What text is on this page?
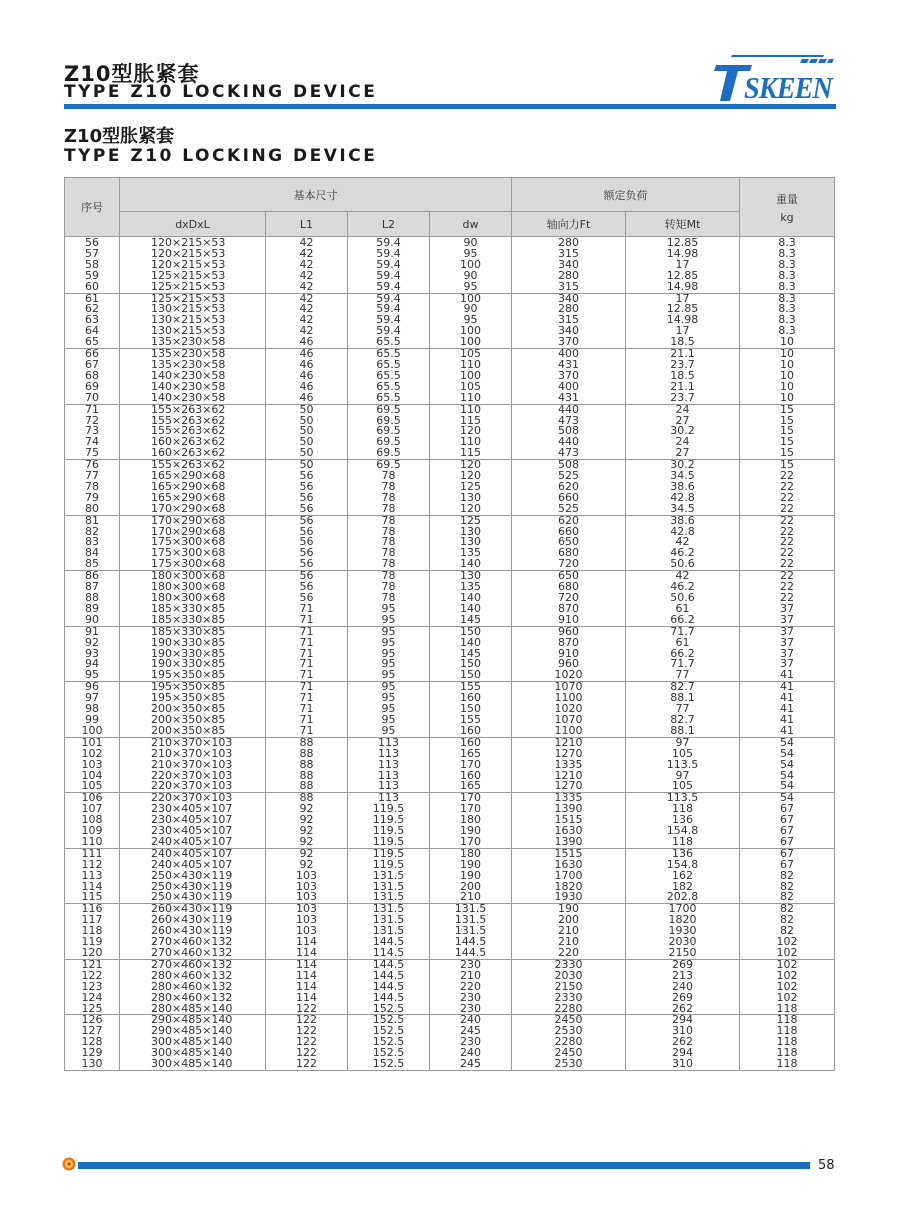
Z10型胀紧套
TYPE Z10 LOCKING DEVICE	SKEEN
Z10型胀紧套
TYPE Z10 LOCKING DEVICE
序号	基本尺寸				额定负荷		重量
kg

	dxDxL	L1	L2	dw	轴向力Ft	转矩Mt	
56	120×215×53	42	59.4	90	280	12.85	8.3
57	120×215×53	42	59.4	95	315	14.98	8.3
58	120×215×53	42	59.4	100	340	17	8.3
59	125×215×53	42	59.4	90	280	12.85	8.3
60	125×215×53	42	59.4	95	315	14.98	8.3
61	125×215×53	42	59.4	100	340	17	8.3
62	130×215×53	42	59.4	90	280	12.85	8.3
63	130×215×53	42	59.4	95	315	14.98	8.3
64	130×215×53	42	59.4	100	340	17	8.3
65	135×230×58	46	65.5	100	370	18.5	10
66	135×230×58	46	65.5	105	400	21.1	10
67	135×230×58	46	65.5	110	431	23.7	10
68	140×230×58	46	65.5	100	370	18.5	10
69	140×230×58	46	65.5	105	400	21.1	10
70	140×230×58	46	65.5	110	431	23.7	10
71	155×263×62	50	69.5	110	440	24	15
72	155×263×62	50	69.5	115	473	27	15
73	155×263×62	50	69.5	120	508	30.2	15
74	160×263×62	50	69.5	110	440	24	15
75	160×263×62	50	69.5	115	473	27	15
76	155×263×62	50	69.5	120	508	30.2	15
77	165×290×68	56	78	120	525	34.5	22
78	165×290×68	56	78	125	620	38.6	22
79	165×290×68	56	78	130	660	42.8	22
80	170×290×68	56	78	120	525	34.5	22
81	170×290×68	56	78	125	620	38.6	22
82	170×290×68	56	78	130	660	42.8	22
83	175×300×68	56	78	130	650	42	22
84	175×300×68	56	78	135	680	46.2	22
85	175×300×68	56	78	140	720	50.6	22
86	180×300×68	56	78	130	650	42	22
87	180×300×68	56	78	135	680	46.2	22
88	180×300×68	56	78	140	720	50.6	22
89	185×330×85	71	95	140	870	61	37
90	185×330×85	71	95	145	910	66.2	37
91	185×330×85	71	95	150	960	71.7	37
92	190×330×85	71	95	140	870	61	37
93	190×330×85	71	95	145	910	66.2	37
94	190×330×85	71	95	150	960	71.7	37
95	195×350×85	71	95	150	1020	77	41
96	195×350×85	71	95	155	1070	82.7	41
97	195×350×85	71	95	160	1100	88.1	41
98	200×350×85	71	95	150	1020	77	41
99	200×350×85	71	95	155	1070	82.7	41
100	200×350×85	71	95	160	1100	88.1	41
101	210×370×103	88	113	160	1210	97	54
102	210×370×103	88	113	165	1270	105	54
103	210×370×103	88	113	170	1335	113.5	54
104	220×370×103	88	113	160	1210	97	54
105	220×370×103	88	113	165	1270	105	54
106	220×370×103	88	113	170	1335	113.5	54
107	230×405×107	92	119.5	170	1390	118	67
108	230×405×107	92	119.5	180	1515	136	67
109	230×405×107	92	119.5	190	1630	154.8	67
110	240×405×107	92	119.5	170	1390	118	67
111	240×405×107	92	119.5	180	1515	136	67
112	240×405×107	92	119.5	190	1630	154.8	67
113	250×430×119	103	131.5	190	1700	162	82
114	250×430×119	103	131.5	200	1820	182	82
115	250×430×119	103	131.5	210	1930	202.8	82
116	260×430×119	103	131.5	131.5	190	1700	82
117	260×430×119	103	131.5	131.5	200	1820	82
118	260×430×119	103	131.5	131.5	210	1930	82
119	270×460×132	114	144.5	144.5	210	2030	102
120	270×460×132	114	114.5	144.5	220	2150	102
121	270×460×132	114	144.5	230	2330	269	102
122	280×460×132	114	144.5	210	2030	213	102
123	280×460×132	114	144.5	220	2150	240	102
124	280×460×132	114	144.5	230	2330	269	102
125	280×485×140	122	152.5	230	2280	262	118
126	290×485×140	122	152.5	240	2450	294	118
127	290×485×140	122	152.5	245	2530	310	118
128	300×485×140	122	152.5	230	2280	262	118
129	300×485×140	122	152.5	240	2450	294	118
130	300×485×140	122	152.5	245	2530	310	118
58
